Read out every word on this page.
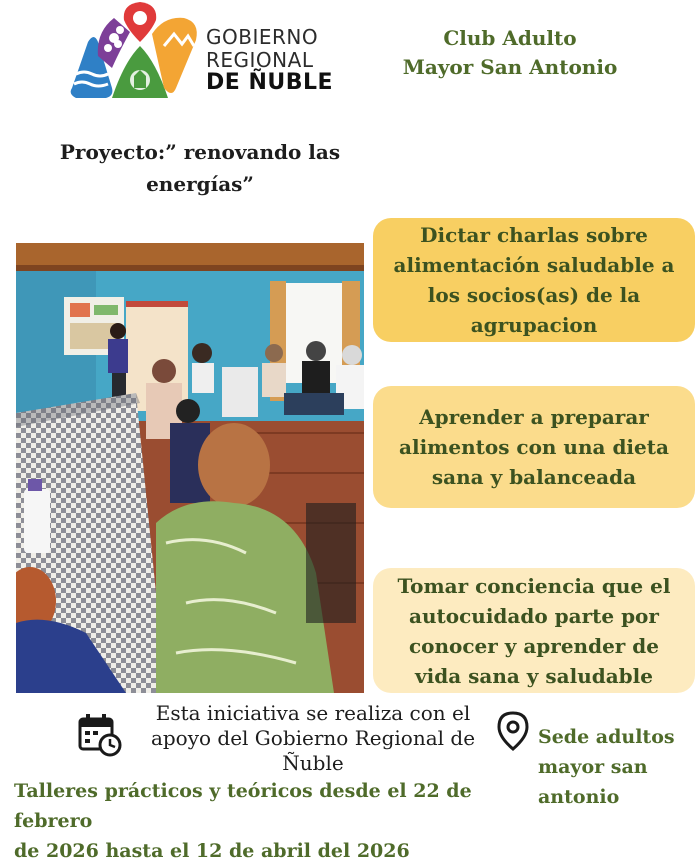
GOBIERNO
REGIONAL
DE ÑUBLE
Club Adulto
Mayor San Antonio
Proyecto:” renovando las
energías”
Dictar charlas sobre
alimentación saludable a
los socios(as) de la
agrupacion
Aprender a preparar
alimentos con una dieta
sana y balanceada
Tomar conciencia que el
autocuidado parte por
conocer y aprender de
vida sana y saludable
Esta iniciativa se realiza con el
apoyo del Gobierno Regional de
Ñuble
Sede adultos
mayor san
antonio
Talleres prácticos y teóricos desde el 22 de febrero
de 2026 hasta el 12 de abril del 2026
